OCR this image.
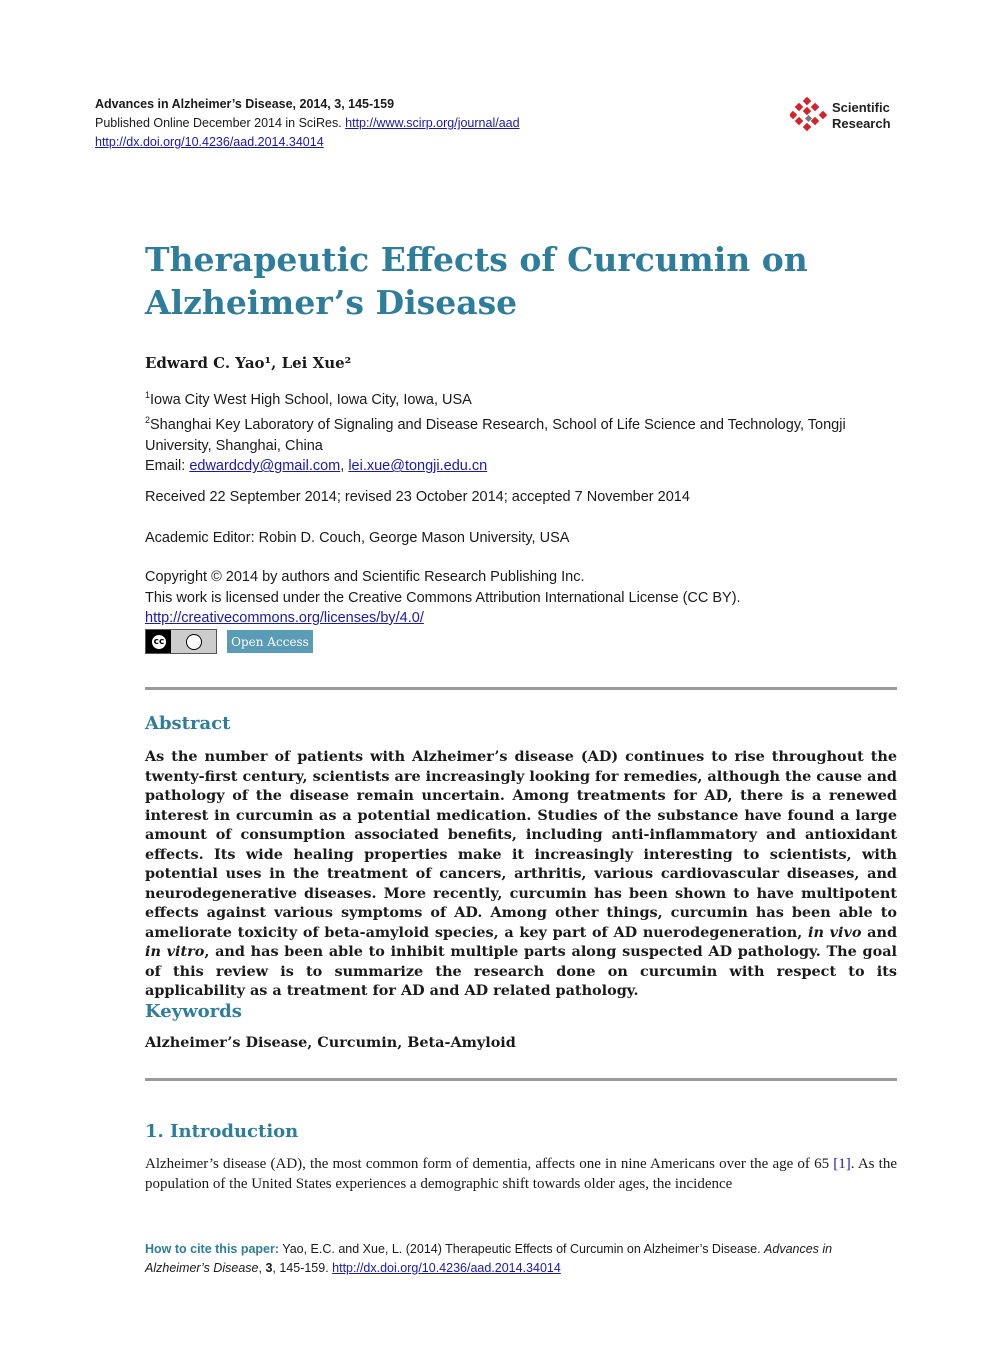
Advances in Alzheimer’s Disease, 2014, 3, 145-159
Published Online December 2014 in SciRes. http://www.scirp.org/journal/aad
http://dx.doi.org/10.4236/aad.2014.34014
Scientific
Research
Therapeutic Effects of Curcumin on Alzheimer’s Disease
Edward C. Yao¹, Lei Xue²
$^1$Iowa City West High School, Iowa City, Iowa, USA
$^2$Shanghai Key Laboratory of Signaling and Disease Research, School of Life Science and Technology, Tongji University, Shanghai, China
Email: edwardcdy@gmail.com, lei.xue@tongji.edu.cn
Received 22 September 2014; revised 23 October 2014; accepted 7 November 2014
Academic Editor: Robin D. Couch, George Mason University, USA
Copyright © 2014 by authors and Scientific Research Publishing Inc.
This work is licensed under the Creative Commons Attribution International License (CC BY).
http://creativecommons.org/licenses/by/4.0/
cc	Open Access
Abstract

As the number of patients with Alzheimer’s disease (AD) continues to rise throughout the twenty-first century, scientists are increasingly looking for remedies, although the cause and pathology of the disease remain uncertain. Among treatments for AD, there is a renewed interest in curcumin as a potential medication. Studies of the substance have found a large amount of consumption associated benefits, including anti-inflammatory and antioxidant effects. Its wide healing properties make it increasingly interesting to scientists, with potential uses in the treatment of cancers, arthritis, various cardiovascular diseases, and neurodegenerative diseases. More recently, curcumin has been shown to have multipotent effects against various symptoms of AD. Among other things, curcumin has been able to ameliorate toxicity of beta-amyloid species, a key part of AD nuerodegeneration, in vivo and in vitro, and has been able to inhibit multiple parts along suspected AD pathology. The goal of this review is to summarize the research done on curcumin with respect to its applicability as a treatment for AD and AD related pathology.

Keywords
Alzheimer’s Disease, Curcumin, Beta-Amyloid
1. Introduction

Alzheimer’s disease (AD), the most common form of dementia, affects one in nine Americans over the age of 65 [1]. As the population of the United States experiences a demographic shift towards older ages, the incidence

How to cite this paper: Yao, E.C. and Xue, L. (2014) Therapeutic Effects of Curcumin on Alzheimer’s Disease. Advances in Alzheimer’s Disease, 3, 145-159. http://dx.doi.org/10.4236/aad.2014.34014
